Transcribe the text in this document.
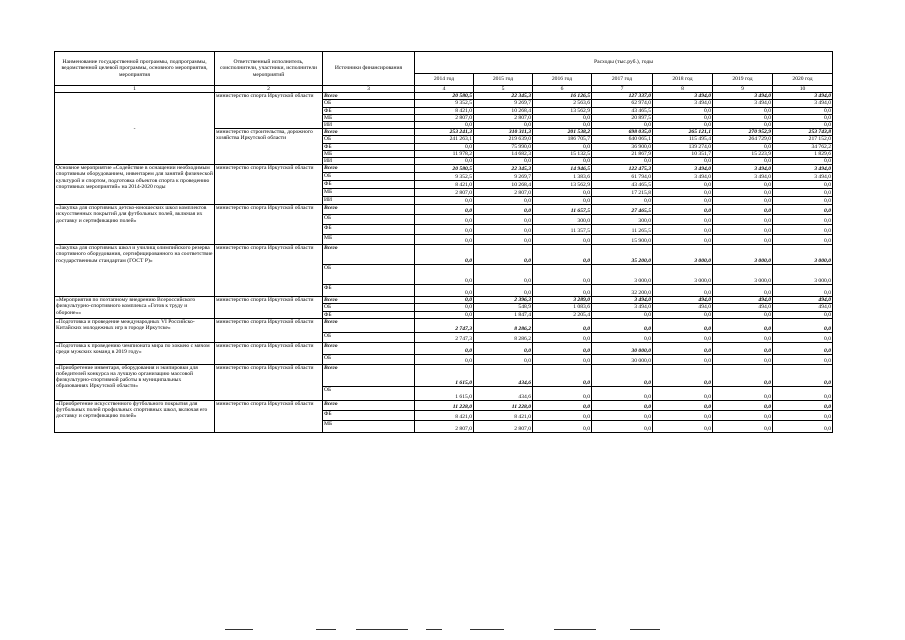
Наименование государственной программы, подпрограммы, ведомственной целевой программы, основного мероприятия, мероприятия	Ответственный исполнитель, соисполнители, участники, исполнители мероприятий	Источники финансирования	Расходы (тыс.руб.), годы						
			2014 год	2015 год	2016 год	2017 год	2018 год	2019 год	2020 год
1	2	3	4	5	6	7	8	9	10
-	министерство спорта Иркутской области	Всего	20 580,5	22 345,3	16 126,5	127 337,0	3 494,0	3 494,0	3 494,0
		ОБ	9 352,5	9 269,7	2 563,6	62 974,0	3 494,0	3 494,0	3 494,0
		ФБ	8 421,0	10 268,4	13 562,9	43 465,5	0,0	0,0	0,0
		МБ	2 807,0	2 807,0	0,0	20 897,5	0,0	0,0	0,0
		ИИ	0,0	0,0	0,0	0,0	0,0	0,0	0,0
	министерство строительства, дорожного хозяйства Иркутской области	Всего	253 241,3	310 311,3	201 538,2	698 035,0	265 121,1	270 952,9	253 743,8
		ОБ	241 263,1	219 639,0	186 705,7	640 065,1	115 495,4	264 729,0	217 152,0
		ФБ	0,0	75 990,0	0,0	36 900,0	139 274,0	0,0	34 762,2
		МБ	11 978,2	14 682,3	15 132,5	21 867,9	10 351,7	15 223,9	1 829,6
		ИИ	0,0	0,0	0,0	0,0	0,0	0,0	0,0
Основное мероприятие «Содействие в оснащении необходимым спортивным оборудованием, инвентарем для занятий физической культурой и спортом, подготовка объектов спорта к проведению спортивных мероприятий» на 2014-2020 годы	министерство спорта Иркутской области	Всего	20 580,5	22 345,3	14 946,5	122 475,3	3 494,0	3 494,0	3 494,0
		ОБ	9 352,5	9 269,7	1 383,6	61 794,0	3 494,0	3 494,0	3 494,0
		ФБ	8 421,0	10 268,4	13 562,9	43 465,5	0,0	0,0	0,0
		МБ	2 807,0	2 807,0	0,0	17 215,8	0,0	0,0	0,0
		ИИ	0,0	0,0	0,0	0,0	0,0	0,0	0,0
«Закупка для спортивных детско-юношеских школ комплектов искусственных покрытий для футбольных полей, включая их доставку и сертификацию полей»	министерство спорта Иркутской области	Всего	0,0	0,0	11 657,5	27 465,5	0,0	0,0	0,0
		ОБ	0,0	0,0	300,0	300,0	0,0	0,0	0,0
		ФБ	0,0	0,0	11 357,5	11 265,5	0,0	0,0	0,0
		МБ	0,0	0,0	0,0	15 900,0	0,0	0,0	0,0
«Закупка для спортивных школ и училищ олимпийского резерва спортивного оборудования, сертифицированного на соответствие государственным стандартам (ГОСТ Р)»	министерство спорта Иркутской области	Всего	0,0	0,0	0,0	35 200,0	3 000,0	3 000,0	3 000,0
		ОБ	0,0	0,0	0,0	3 000,0	3 000,0	3 000,0	3 000,0
		ФБ	0,0	0,0	0,0	32 200,0	0,0	0,0	0,0
«Мероприятия по поэтапному внедрению Всероссийского физкультурно-спортивного комплекса «Готов к труду и обороне»»	министерство спорта Иркутской области	Всего	0,0	2 396,3	3 289,0	3 494,0	494,0	494,0	494,0
		ОБ	0,0	548,9	1 083,6	3 494,0	494,0	494,0	494,0
		ФБ	0,0	1 847,4	2 205,4	0,0	0,0	0,0	0,0
«Подготовка и проведение международных VI Российско-Китайских молодежных игр в городе Иркутске»	министерство спорта Иркутской области	Всего	2 747,3	8 286,2	0,0	0,0	0,0	0,0	0,0
		ОБ	2 747,3	8 286,2	0,0	0,0	0,0	0,0	0,0
«Подготовка к проведению чемпионата мира по хоккею с мячом среди мужских команд в 2019 году»	министерство спорта Иркутской области	Всего	0,0	0,0	0,0	30 000,0	0,0	0,0	0,0
		ОБ	0,0	0,0	0,0	30 000,0	0,0	0,0	0,0
«Приобретение инвентаря, оборудования и экипировки для победителей конкурса на лучшую организацию массовой физкультурно-спортивной работы в муниципальных образованиях Иркутской области»	министерство спорта Иркутской области	Всего	1 615,0	434,6	0,0	0,0	0,0	0,0	0,0
		ОБ	1 615,0	434,6	0,0	0,0	0,0	0,0	0,0
«Приобретение искусственного футбольного покрытия для футбольных полей профильных спортивных школ, включая его доставку и сертификацию полей»	министерство спорта Иркутской области	Всего	11 228,0	11 228,0	0,0	0,0	0,0	0,0	0,0
		ФБ	8 421,0	8 421,0	0,0	0,0	0,0	0,0	0,0
		МБ	2 807,0	2 807,0	0,0	0,0	0,0	0,0	0,0
